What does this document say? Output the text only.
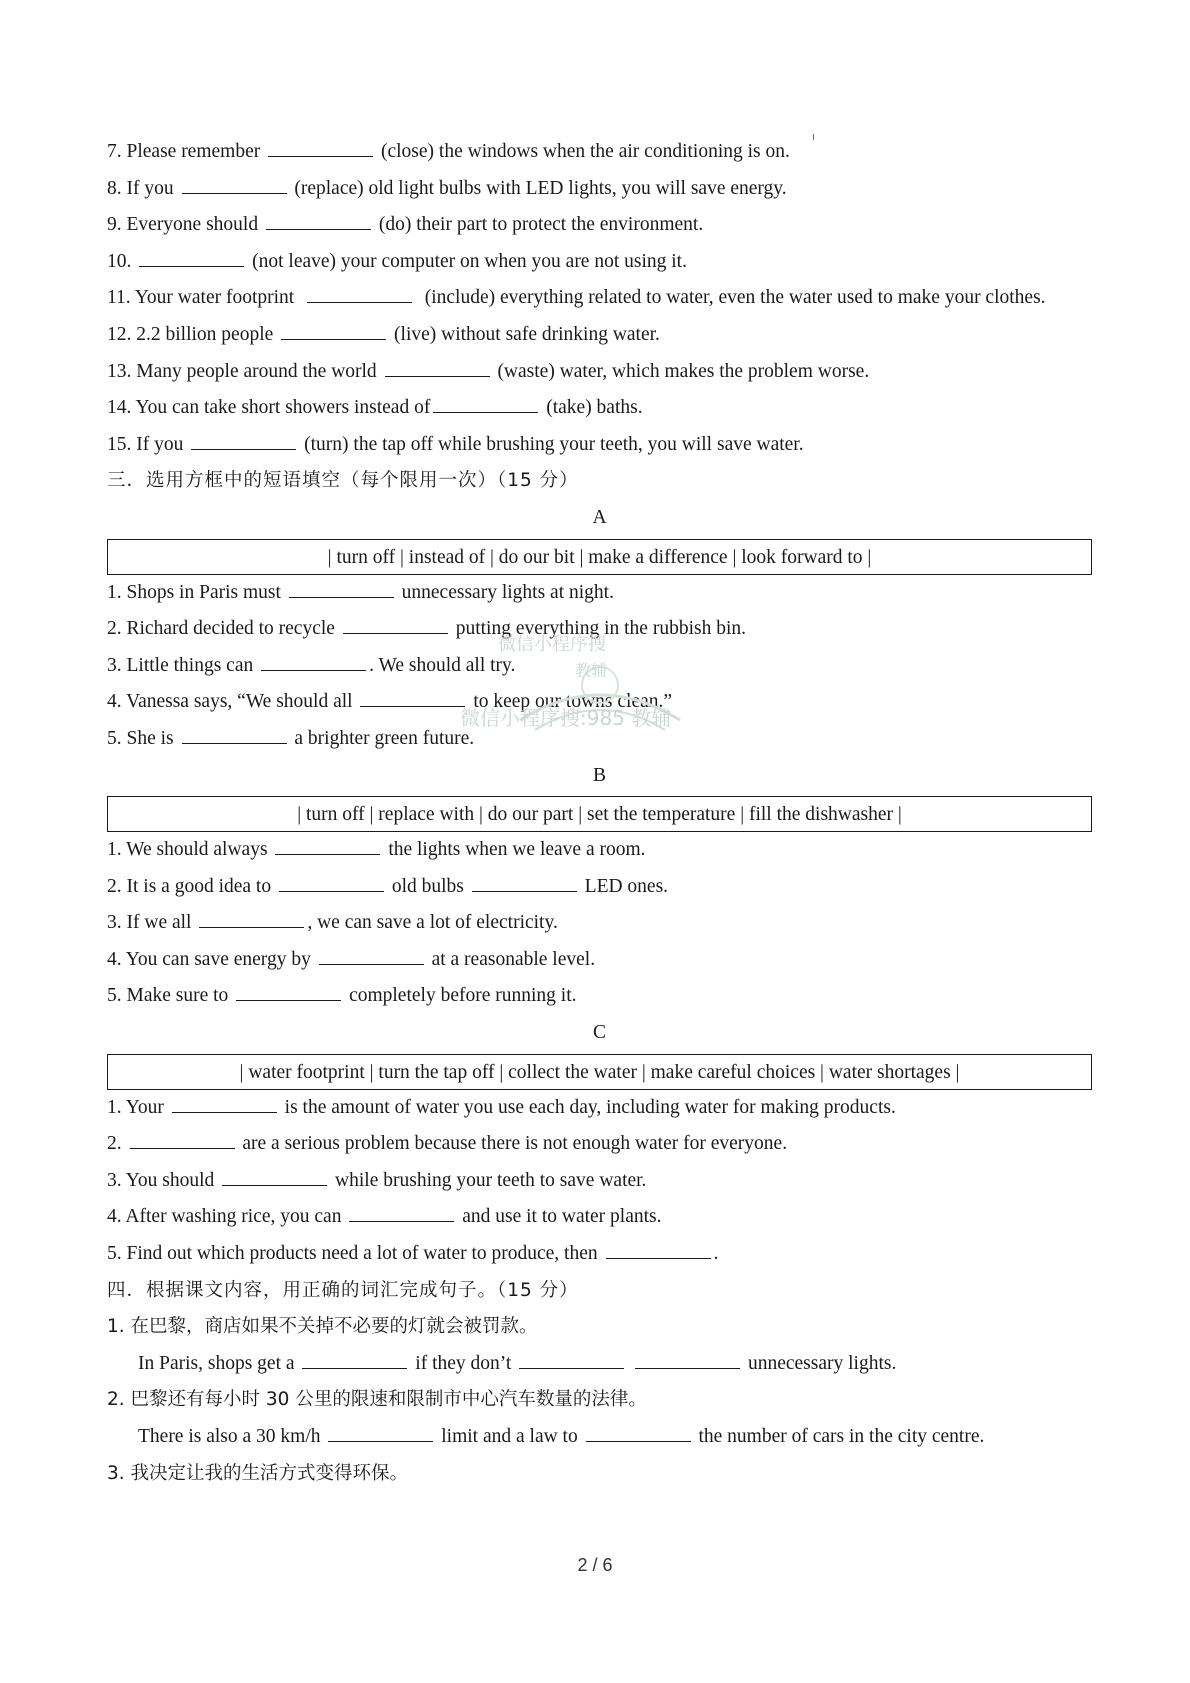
7. Please remember	(close) the windows when the air conditioning is on.
8. If you	(replace) old light bulbs with LED lights, you will save energy.
9. Everyone should	(do) their part to protect the environment.
10.	(not leave) your computer on when you are not using it.
11. Your water footprint	(include) everything related to water, even the water used to make your clothes.
12. 2.2 billion people	(live) without safe drinking water.
13. Many people around the world	(waste) water, which makes the problem worse.
14. You can take short showers instead of	(take) baths.
15. If you	(turn) the tap off while brushing your teeth, you will save water.
三．选用方框中的短语填空（每个限用一次）（15 分）
A
| turn off | instead of | do our bit | make a difference | look forward to |
1. Shops in Paris must	unnecessary lights at night.
2. Richard decided to recycle	putting everything in the rubbish bin.
3. Little things can	. We should all try.
4. Vanessa says, “We should all	to keep our towns clean.”
5. She is	a brighter green future.
B
| turn off | replace with | do our part | set the temperature | fill the dishwasher |
1. We should always	the lights when we leave a room.
2. It is a good idea to	old bulbs	LED ones.
3. If we all	, we can save a lot of electricity.
4. You can save energy by	at a reasonable level.
5. Make sure to	completely before running it.
C
| water footprint | turn the tap off | collect the water | make careful choices | water shortages |
1. Your	is the amount of water you use each day, including water for making products.
2.	are a serious problem because there is not enough water for everyone.
3. You should	while brushing your teeth to save water.
4. After washing rice, you can	and use it to water plants.
5. Find out which products need a lot of water to produce, then	.
四．根据课文内容，用正确的词汇完成句子。（15 分）
1. 在巴黎，商店如果不关掉不必要的灯就会被罚款。
In Paris, shops get a	if they don’t	unnecessary lights.
2. 巴黎还有每小时 30 公里的限速和限制市中心汽车数量的法律。
There is also a 30 km/h	limit and a law to	the number of cars in the city centre.
3. 我决定让我的生活方式变得环保。
微信小程序搜
教辅
微信小程序搜:985 教辅
2 / 6
